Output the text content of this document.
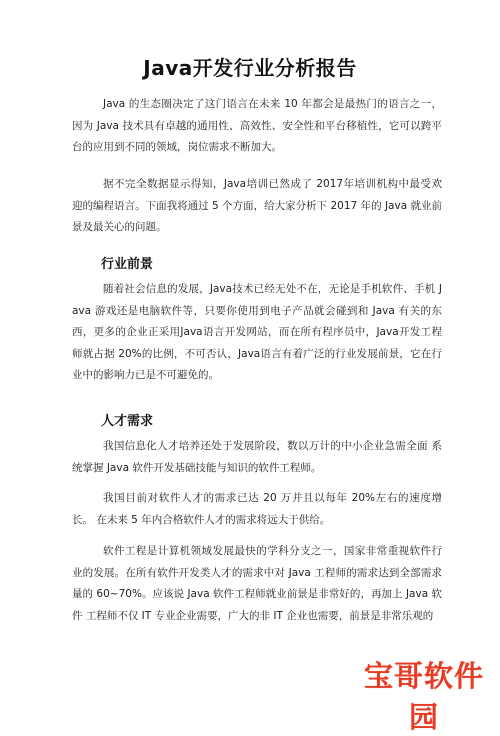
Java开发行业分析报告
Java 的生态圈决定了这门语言在未来 10 年都会是最热门的语言之一， 因为 Java 技术具有卓越的通用性、高效性、安全性和平台移植性，它可以跨平 台的应用到不同的领域，岗位需求不断加大。
据不完全数据显示得知，Java培训已然成了 2017年培训机构中最受欢 迎的编程语言。下面我将通过 5 个方面，给大家分析下 2017 年的 Java 就业前 景及最关心的问题。
行业前景
随着社会信息的发展，Java技术已经无处不在，无论是手机软件、手机 Java 游戏还是电脑软件等，只要你使用到电子产品就会碰到和 Java 有关的东 西，更多的企业正采用Java语言开发网站，而在所有程序员中，Java开发工程 师就占据 20%的比例，不可否认，Java语言有着广泛的行业发展前景，它在行 业中的影响力已是不可避免的。
人才需求
我国信息化人才培养还处于发展阶段，数以万计的中小企业急需全面 系统掌握 Java 软件开发基础技能与知识的软件工程师。
我国目前对软件人才的需求已达 20 万并且以每年 20%左右的速度增长。 在未来 5 年内合格软件人才的需求将远大于供给。
软件工程是计算机领域发展最快的学科分支之一，国家非常重视软件行 业的发展。在所有软件开发类人才的需求中对 Java 工程师的需求达到全部需求 量的 60~70%。应该说 Java 软件工程师就业前景是非常好的，再加上 Java 软件 工程师不仅 IT 专业企业需要，广大的非 IT 企业也需要，前景是非常乐观的
宝哥软件园
